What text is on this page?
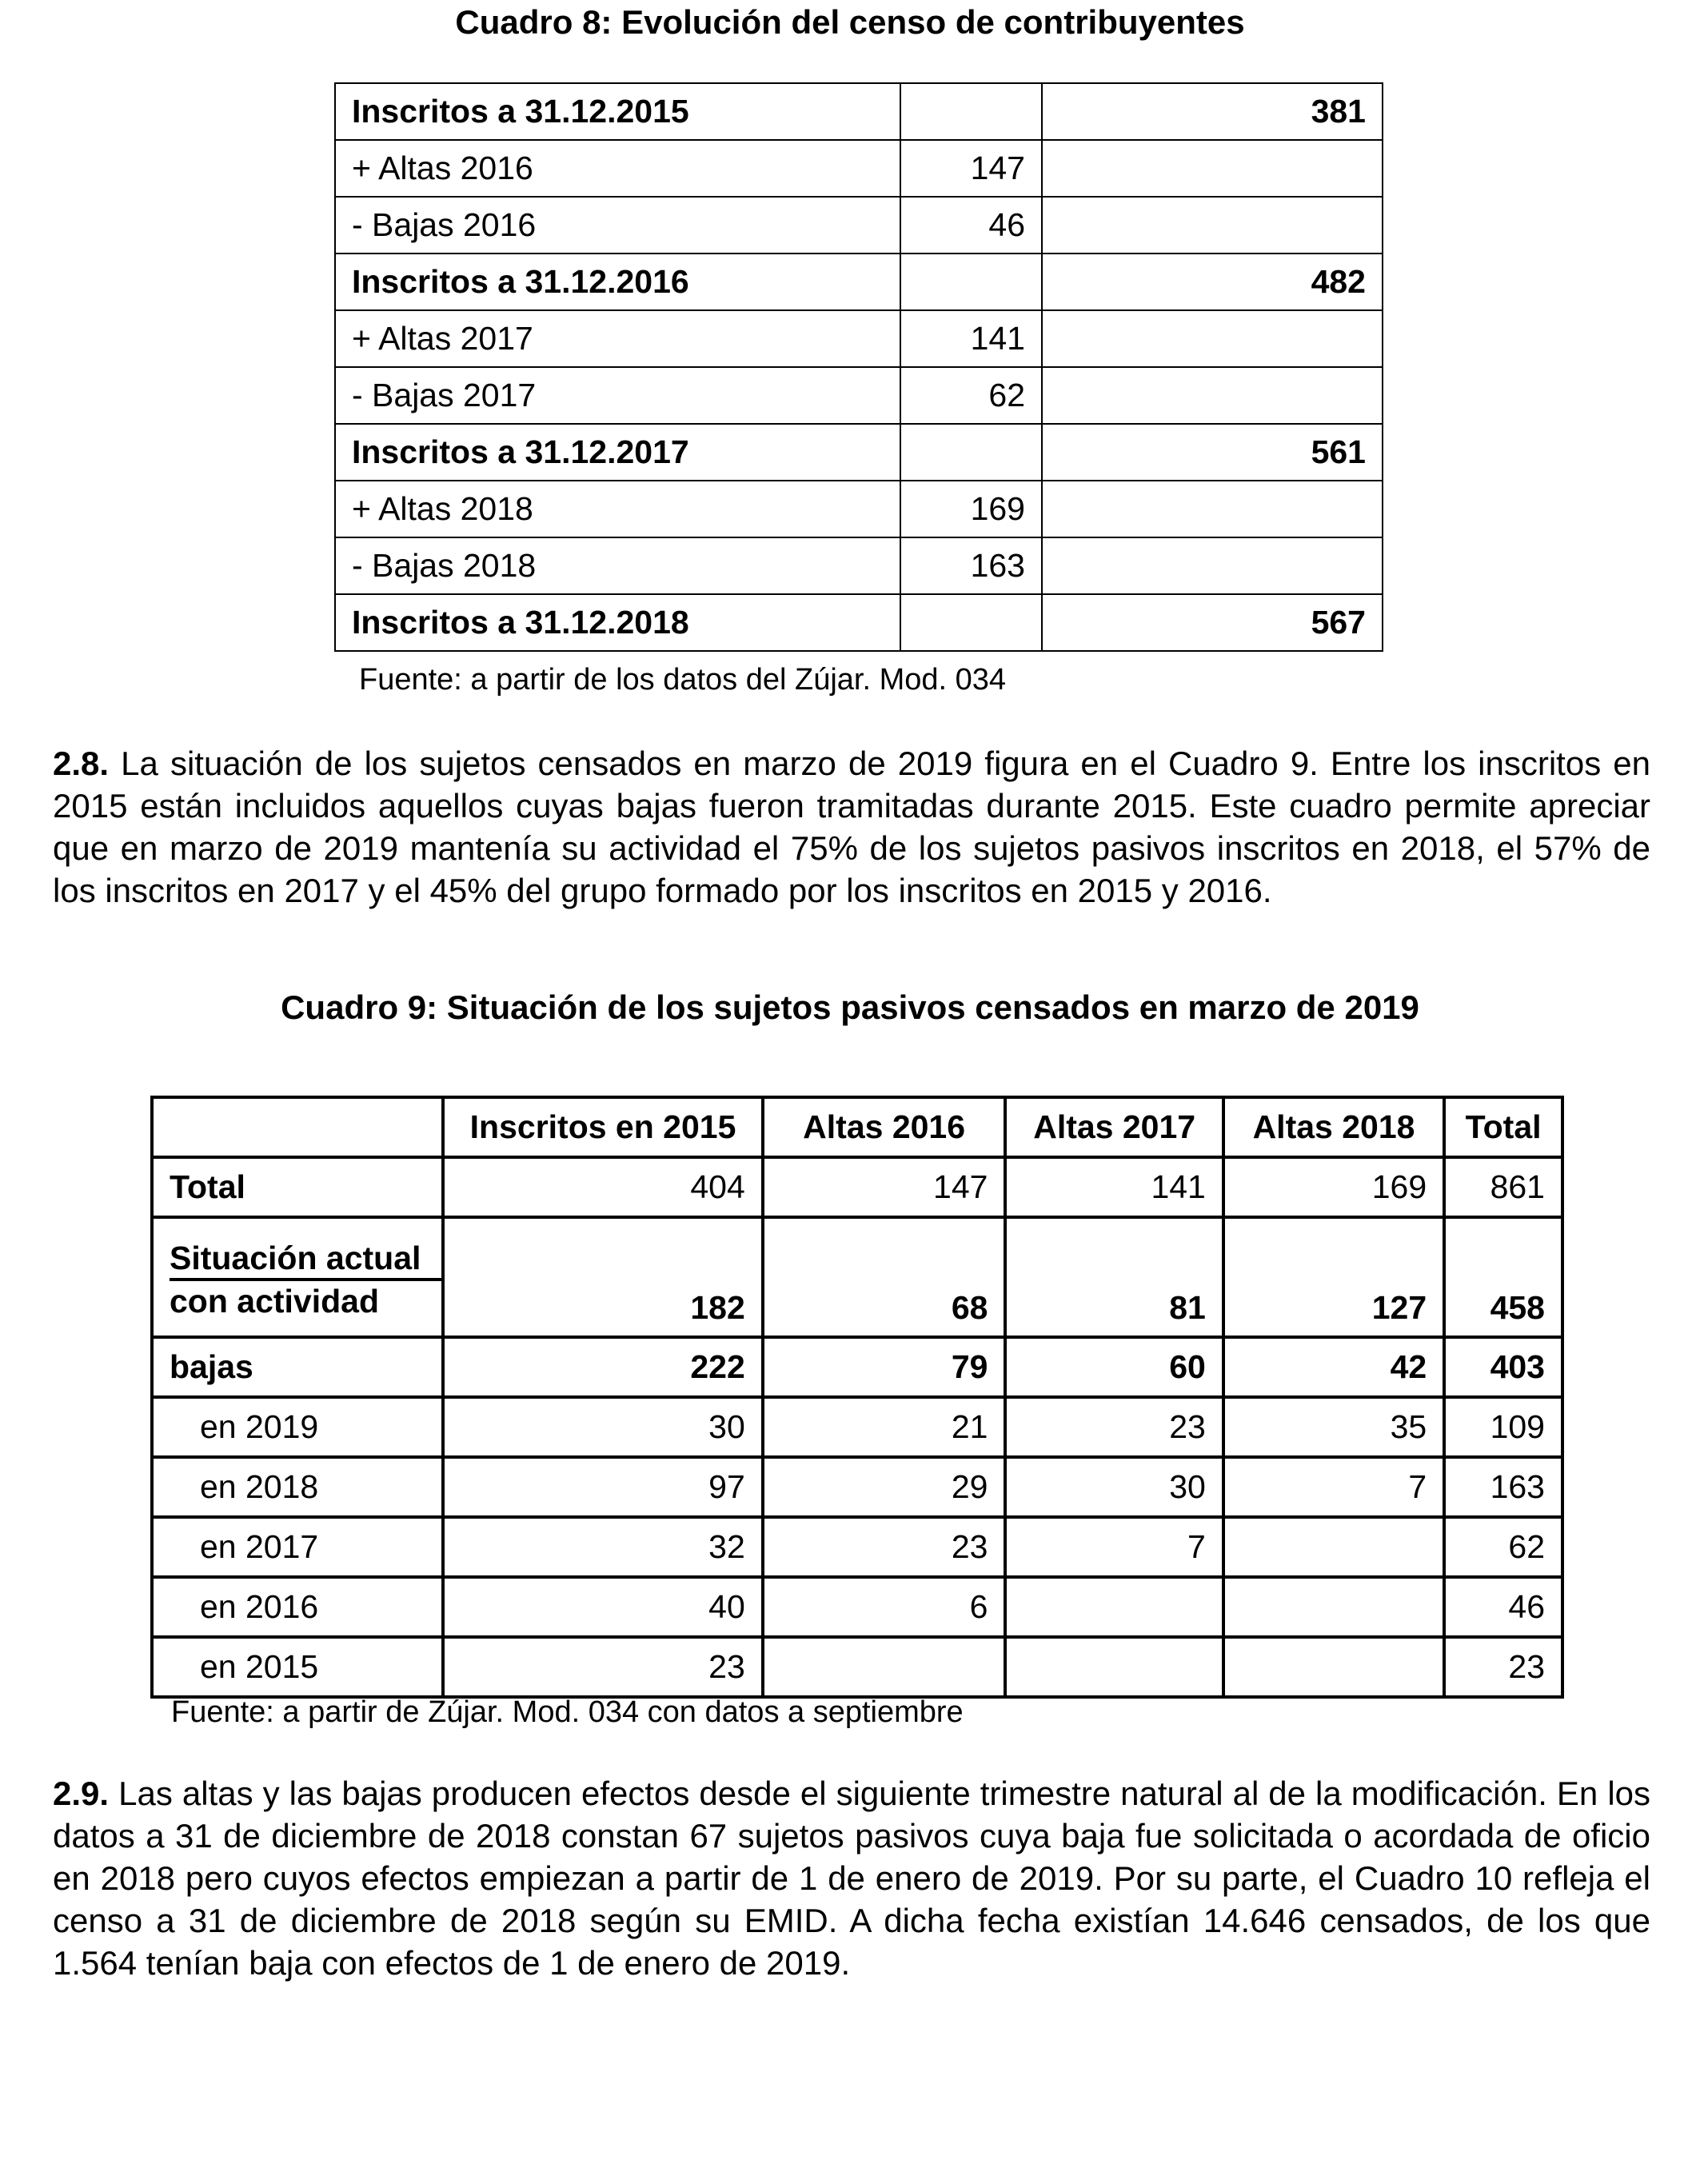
Cuadro 8: Evolución del censo de contribuyentes
Inscritos a 31.12.2015		381
+ Altas 2016	147	
- Bajas 2016	46	
Inscritos a 31.12.2016		482
+ Altas 2017	141	
- Bajas 2017	62	
Inscritos a 31.12.2017		561
+ Altas 2018	169	
- Bajas 2018	163	
Inscritos a 31.12.2018		567
Fuente: a partir de los datos del Zújar. Mod. 034

2.8. La situación de los sujetos censados en marzo de 2019 figura en el Cuadro 9. Entre los inscritos en 2015 están incluidos aquellos cuyas bajas fueron tramitadas durante 2015. Este cuadro permite apreciar que en marzo de 2019 mantenía su actividad el 75% de los sujetos pasivos inscritos en 2018, el 57% de los inscritos en 2017 y el 45% del grupo formado por los inscritos en 2015 y 2016.

Cuadro 9: Situación de los sujetos pasivos censados en marzo de 2019
	Inscritos en 2015	Altas 2016	Altas 2017	Altas 2018	Total
Total	404	147	141	169	861

Situación actual
con actividad	182	68	81	127	458
bajas	222	79	60	42	403
en 2019	30	21	23	35	109
en 2018	97	29	30	7	163
en 2017	32	23	7		62
en 2016	40	6			46
en 2015	23				23
Fuente: a partir de Zújar. Mod. 034 con datos a septiembre

2.9. Las altas y las bajas producen efectos desde el siguiente trimestre natural al de la modificación. En los datos a 31 de diciembre de 2018 constan 67 sujetos pasivos cuya baja fue solicitada o acordada de oficio en 2018 pero cuyos efectos empiezan a partir de 1 de enero de 2019. Por su parte, el Cuadro 10 refleja el censo a 31 de diciembre de 2018 según su EMID. A dicha fecha existían 14.646 censados, de los que 1.564 tenían baja con efectos de 1 de enero de 2019.
